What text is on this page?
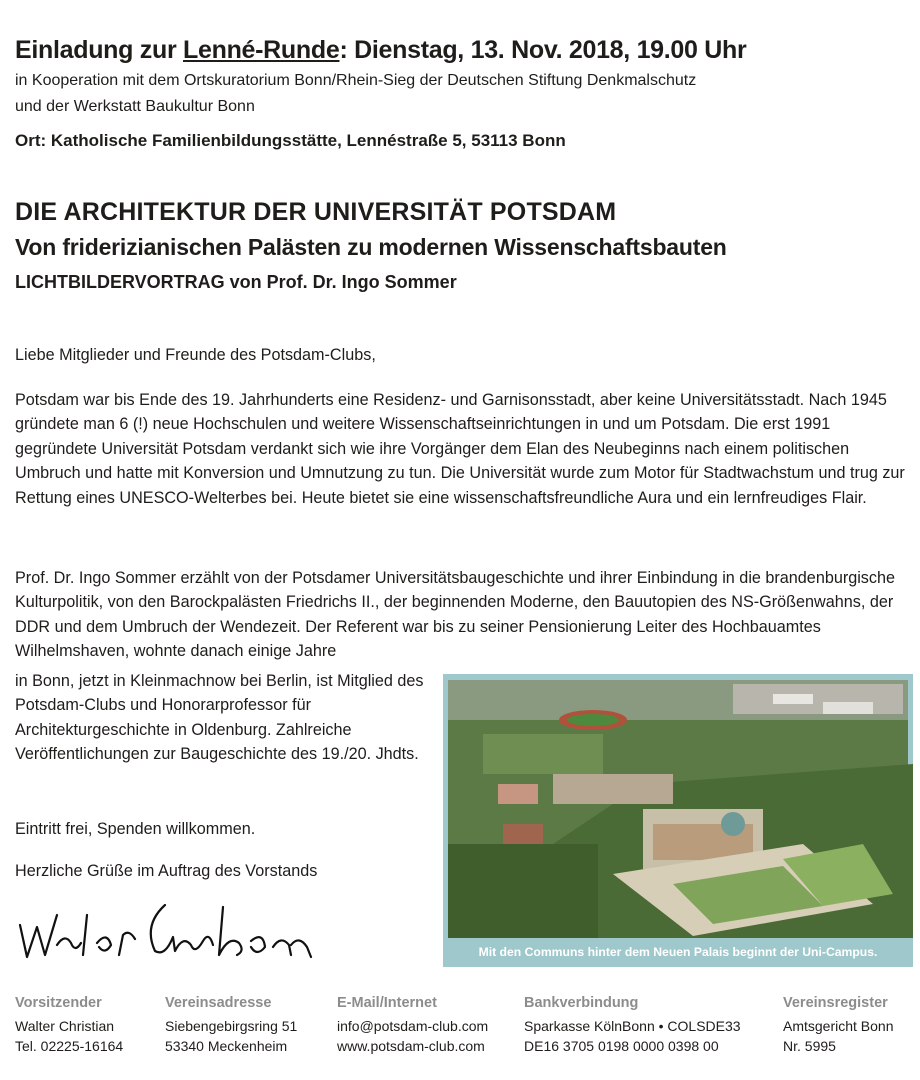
Einladung zur Lenné-Runde: Dienstag, 13. Nov. 2018, 19.00 Uhr
in Kooperation mit dem Ortskuratorium Bonn/Rhein-Sieg der Deutschen Stiftung Denkmalschutz
und der Werkstatt Baukultur Bonn
Ort: Katholische Familienbildungsstätte, Lennéstraße 5, 53113 Bonn
DIE ARCHITEKTUR DER UNIVERSITÄT POTSDAM
Von friderizianischen Palästen zu modernen Wissenschaftsbauten
LICHTBILDERVORTRAG von Prof. Dr. Ingo Sommer

Liebe Mitglieder und Freunde des Potsdam-Clubs,

Potsdam war bis Ende des 19. Jahrhunderts eine Residenz- und Garnisonsstadt, aber keine Universitätsstadt. Nach 1945 gründete man 6 (!) neue Hochschulen und weitere Wissenschaftseinrichtungen in und um Potsdam. Die erst 1991 gegründete Universität Potsdam verdankt sich wie ihre Vorgänger dem Elan des Neubeginns nach einem politischen Umbruch und hatte mit Konversion und Umnutzung zu tun. Die Universität wurde zum Motor für Stadtwachstum und trug zur Rettung eines UNESCO-Welterbes bei. Heute bietet sie eine wissenschaftsfreundliche Aura und ein lernfreudiges Flair.

Prof. Dr. Ingo Sommer erzählt von der Potsdamer Universitätsbaugeschichte und ihrer Einbindung in die brandenburgische Kulturpolitik, von den Barockpalästen Friedrichs II., der beginnenden Moderne, den Bauutopien des NS-Größenwahns, der DDR und dem Umbruch der Wendezeit. Der Referent war bis zu seiner Pensionierung Leiter des Hochbauamtes Wilhelmshaven, wohnte danach einige Jahre

in Bonn, jetzt in Kleinmachnow bei Berlin, ist Mitglied des Potsdam-Clubs und Honorarprofessor für Architekturgeschichte in Oldenburg. Zahlreiche Veröffentlichungen zur Baugeschichte des 19./20. Jhdts.

Eintritt frei, Spenden willkommen.

Herzliche Grüße im Auftrag des Vorstands

Mit den Communs hinter dem Neuen Palais beginnt der Uni-Campus.
Vorsitzender
Walter Christian
Tel. 02225-16164
Vereinsadresse
Siebengebirgsring 51
53340 Meckenheim
E-Mail/Internet
info@potsdam-club.com
www.potsdam-club.com
Bankverbindung
Sparkasse KölnBonn • COLSDE33
DE16 3705 0198 0000 0398 00
Vereinsregister
Amtsgericht Bonn
Nr. 5995
